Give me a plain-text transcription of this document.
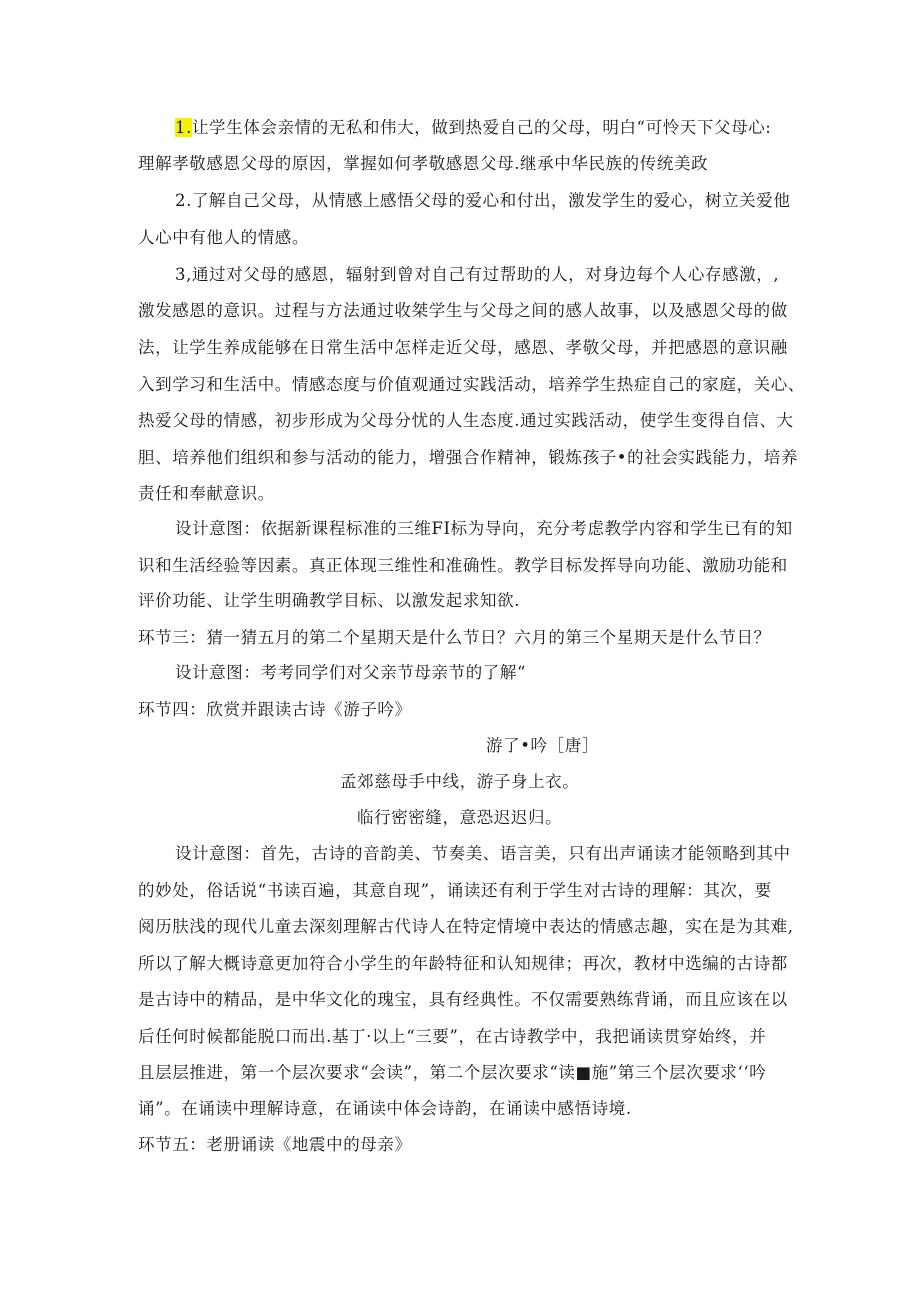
1.让学生体会亲情的无私和伟大，做到热爱自己的父母，明白“可怜天下父母心:
理解孝敬感恩父母的原因，掌握如何孝敬感恩父母.继承中华民族的传统美政
2.了解自己父母，从情感上感悟父母的爱心和付出，激发学生的爱心，树立关爱他
人心中有他人的情感。
3,通过对父母的感恩，辐射到曾对自己有过帮助的人，对身边每个人心存感激，,
激发感恩的意识。过程与方法通过收桀学生与父母之间的感人故事，以及感恩父母的做
法，让学生养成能够在日常生活中怎样走近父母，感恩、孝敬父母，并把感恩的意识融
入到学习和生活中。情感态度与价值观通过实践活动，培养学生热症自己的家庭，关心、
热爱父母的情感，初步形成为父母分忧的人生态度.通过实践活动，使学生变得自信、大
胆、培养他们组织和参与活动的能力，增强合作精神，锻炼孩子•的社会实践能力，培养
责任和奉献意识。
设计意图：依据新课程标准的三维FI标为导向，充分考虑教学内容和学生已有的知
识和生活经验等因素。真正体现三维性和准确性。教学目标发挥导向功能、激励功能和
评价功能、让学生明确教学目标、以激发起求知欲.
环节三：猜一猜五月的第二个星期天是什么节日？六月的第三个星期天是什么节日？
设计意图：考考同学们对父亲节母亲节的了解“
环节四：欣赏并跟读古诗《游子吟》
游了•吟［唐］
孟郊慈母手中线，游子身上衣。
临行密密缝，意恐迟迟归。
设计意图：首先，古诗的音韵美、节奏美、语言美，只有出声诵读才能领略到其中
的妙处，俗话说“书读百遍，其意自现”，诵读还有利于学生对古诗的理解：其次，要
阅历肤浅的现代儿童去深刻理解古代诗人在特定情境中表达的情感志趣，实在是为其难,
所以了解大概诗意更加符合小学生的年龄特征和认知规律；再次，教材中选编的古诗都
是古诗中的精品，是中华文化的瑰宝，具有经典性。不仅需要熟练背诵，而且应该在以
后任何时候都能脱口而出.基丁·以上“三要”，在古诗教学中，我把诵读贯穿始终，并
且层层推进，第一个层次要求“会读”，第二个层次要求“读■施”第三个层次要求‘‘吟
诵”。在诵读中理解诗意，在诵读中体会诗韵，在诵读中感悟诗境.
环节五：老册诵读《地震中的母亲》
